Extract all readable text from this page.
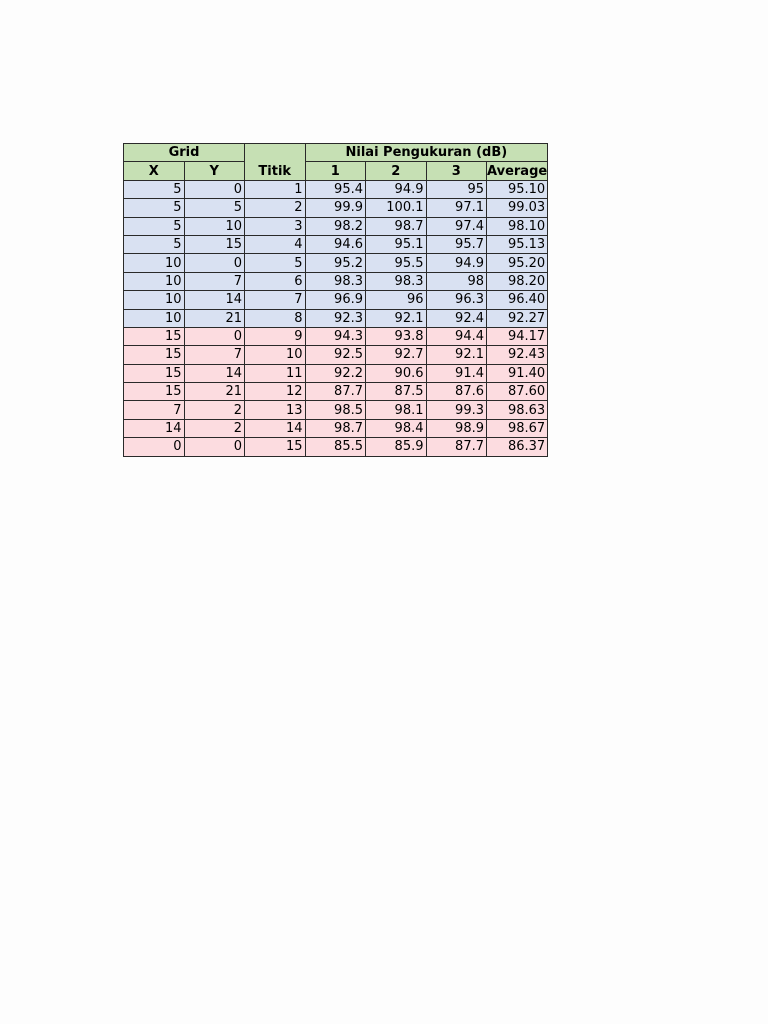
Grid		Titik	Nilai Pengukuran (dB)			
X	Y		1	2	3	Average
5	0	1	95.4	94.9	95	95.10
5	5	2	99.9	100.1	97.1	99.03
5	10	3	98.2	98.7	97.4	98.10
5	15	4	94.6	95.1	95.7	95.13
10	0	5	95.2	95.5	94.9	95.20
10	7	6	98.3	98.3	98	98.20
10	14	7	96.9	96	96.3	96.40
10	21	8	92.3	92.1	92.4	92.27
15	0	9	94.3	93.8	94.4	94.17
15	7	10	92.5	92.7	92.1	92.43
15	14	11	92.2	90.6	91.4	91.40
15	21	12	87.7	87.5	87.6	87.60
7	2	13	98.5	98.1	99.3	98.63
14	2	14	98.7	98.4	98.9	98.67
0	0	15	85.5	85.9	87.7	86.37
